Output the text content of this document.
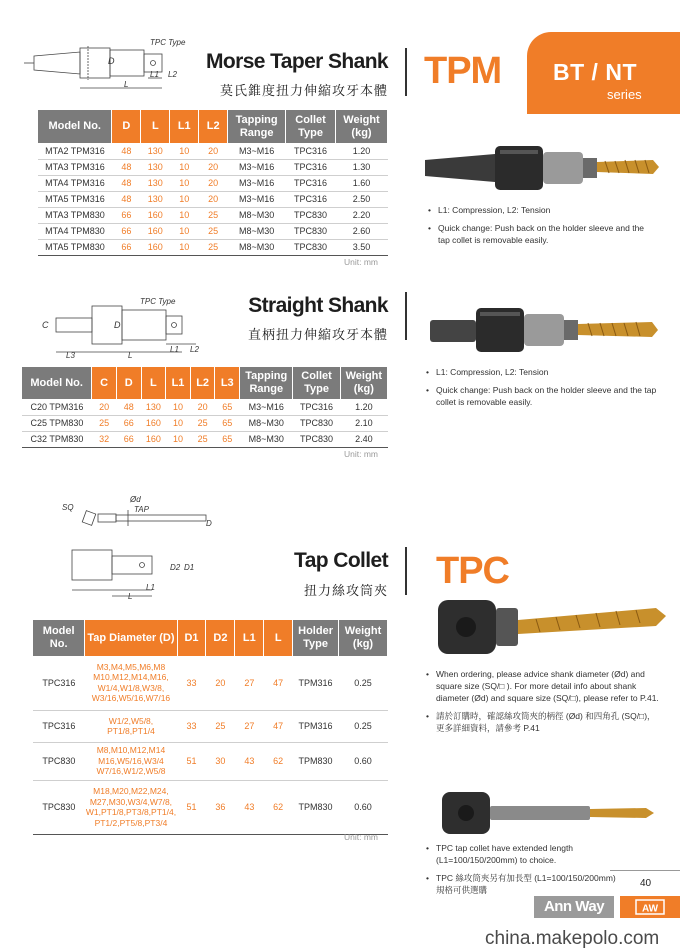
BT / NT
series
TPM
TPC Type
D
L1 L2
L
Morse Taper Shank
莫氏錐度扭力伸縮攻牙本體
Model No.	D	L	L1	L2	Tapping Range	Collet Type	Weight (kg)
MTA2 TPM316	48	130	10	20	M3~M16	TPC316	1.20
MTA3 TPM316	48	130	10	20	M3~M16	TPC316	1.30
MTA4 TPM316	48	130	10	20	M3~M16	TPC316	1.60
MTA5 TPM316	48	130	10	20	M3~M16	TPC316	2.50
MTA3 TPM830	66	160	10	25	M8~M30	TPC830	2.20
MTA4 TPM830	66	160	10	25	M8~M30	TPC830	2.60
MTA5 TPM830	66	160	10	25	M8~M30	TPC830	3.50
Unit: mm
• L1: Compression, L2: Tension
• Quick change: Push back on the holder sleeve and the tap collet is removable easily.
TPC Type
C	D
L3	L
L1 L2
Straight Shank
直柄扭力伸縮攻牙本體
Model No.	C	D	L	L1	L2	L3	Tapping Range	Collet Type	Weight (kg)
C20 TPM316	20	48	130	10	20	65	M3~M16	TPC316	1.20
C25 TPM830	25	66	160	10	25	65	M8~M30	TPC830	2.10
C32 TPM830	32	66	160	10	25	65	M8~M30	TPC830	2.40
Unit: mm
• L1: Compression, L2: Tension
• Quick change: Push back on the holder sleeve and the tap collet is removable easily.
SQ
Ød
TAP
D
D2 D1
L1
L
Tap Collet
扭力絲攻筒夾 TPC
Model No.	Tap Diameter (D)	D1	D2	L1	L	Holder Type	Weight (kg)
TPC316	M3,M4,M5,M6,M8 M10,M12,M14,M16, W1/4,W1/8,W3/8, W3/16,W5/16,W7/16	33	20	27	47	TPM316	0.25
TPC316	W1/2,W5/8, PT1/8,PT1/4	33	25	27	47	TPM316	0.25
TPC830	M8,M10,M12,M14 M16,W5/16,W3/4 W7/16,W1/2,W5/8	51	30	43	62	TPM830	0.60
TPC830	M18,M20,M22,M24, M27,M30,W3/4,W7/8, W1,PT1/8,PT3/8,PT1/4, PT1/2,PT5/8,PT3/4	51	36	43	62	TPM830	0.60
Unit: mm
• When ordering, please advice shank diameter (Ød) and square size (SQ/□ ). For more detail info about shank diameter (Ød) and square size (SQ/□), please refer to P.41.
• 請於訂購時，確認絲攻筒夾的柄徑 (Ød) 和四角孔 (SQ/□)，更多詳細資料，請參考 P.41
• TPC tap collet have extended length (L1=100/150/200mm) to choice.
• TPC 絲攻筒夾另有加長型 (L1=100/150/200mm) 規格可供選購
40
Ann Way	AW
china.makepolo.com
